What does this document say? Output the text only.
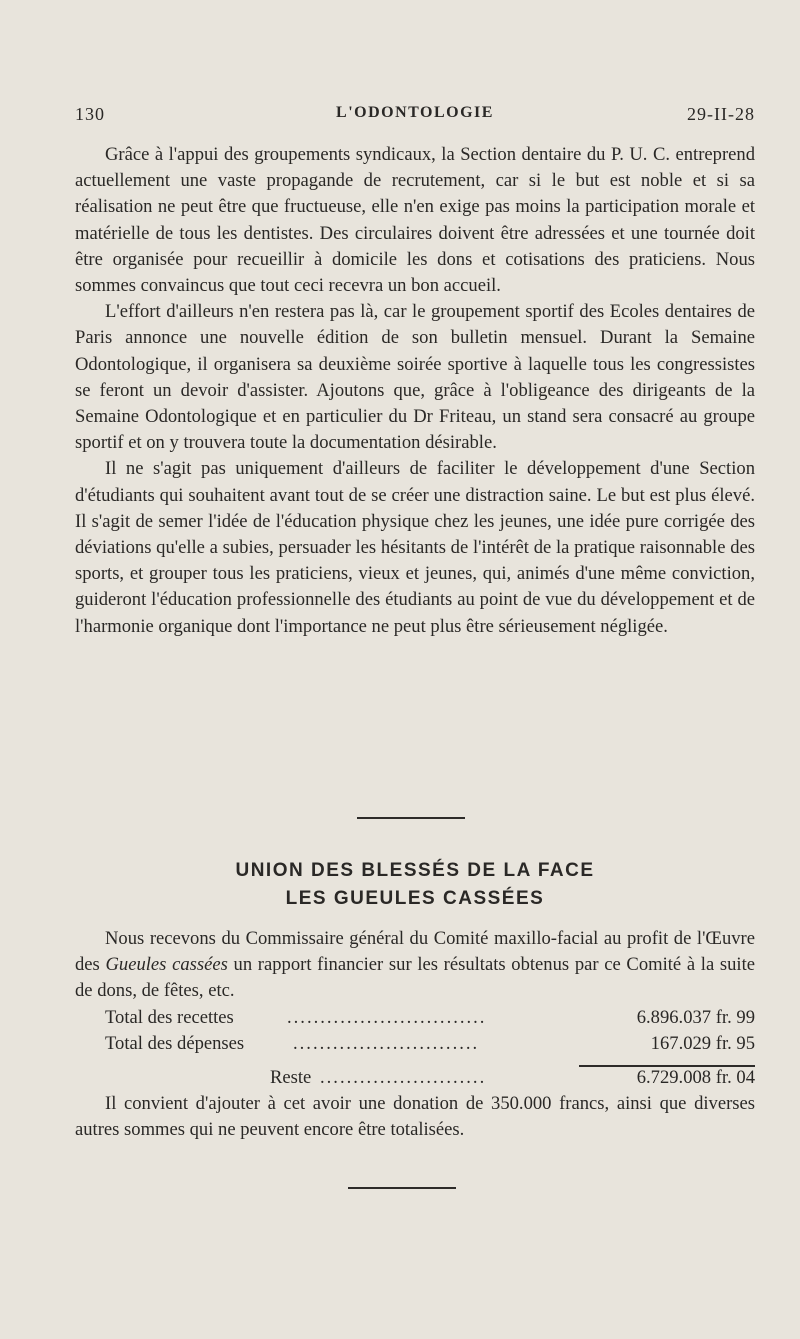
130	L'ODONTOLOGIE	29-II-28

Grâce à l'appui des groupements syndicaux, la Section dentaire du P. U. C. entreprend actuellement une vaste propagande de recrutement, car si le but est noble et si sa réalisation ne peut être que fructueuse, elle n'en exige pas moins la participation morale et matérielle de tous les dentistes. Des circulaires doivent être adressées et une tournée doit être organisée pour recueillir à domicile les dons et cotisations des praticiens. Nous sommes convaincus que tout ceci recevra un bon accueil.

L'effort d'ailleurs n'en restera pas là, car le groupement sportif des Ecoles dentaires de Paris annonce une nouvelle édition de son bulletin mensuel. Durant la Semaine Odontologique, il organisera sa deuxième soirée sportive à laquelle tous les congressistes se feront un devoir d'assister. Ajoutons que, grâce à l'obligeance des dirigeants de la Semaine Odontologique et en particulier du Dr Friteau, un stand sera consacré au groupe sportif et on y trouvera toute la documentation désirable.

Il ne s'agit pas uniquement d'ailleurs de faciliter le développement d'une Section d'étudiants qui souhaitent avant tout de se créer une distraction saine. Le but est plus élevé. Il s'agit de semer l'idée de l'éducation physique chez les jeunes, une idée pure corrigée des déviations qu'elle a subies, persuader les hésitants de l'intérêt de la pratique raisonnable des sports, et grouper tous les praticiens, vieux et jeunes, qui, animés d'une même conviction, guideront l'éducation professionnelle des étudiants au point de vue du développement et de l'harmonie organique dont l'importance ne peut plus être sérieusement négligée.

UNION DES BLESSÉS DE LA FACE
LES GUEULES CASSÉES

Nous recevons du Commissaire général du Comité maxillo-facial au profit de l'Œuvre des Gueules cassées un rapport financier sur les résultats obtenus par ce Comité à la suite de dons, de fêtes, etc.

Total des recettes	..............................	6.896.037 fr. 99
Total des dépenses	............................	167.029 fr. 95
Reste .........................	6.729.008 fr. 04

Il convient d'ajouter à cet avoir une donation de 350.000 francs, ainsi que diverses autres sommes qui ne peuvent encore être totalisées.
